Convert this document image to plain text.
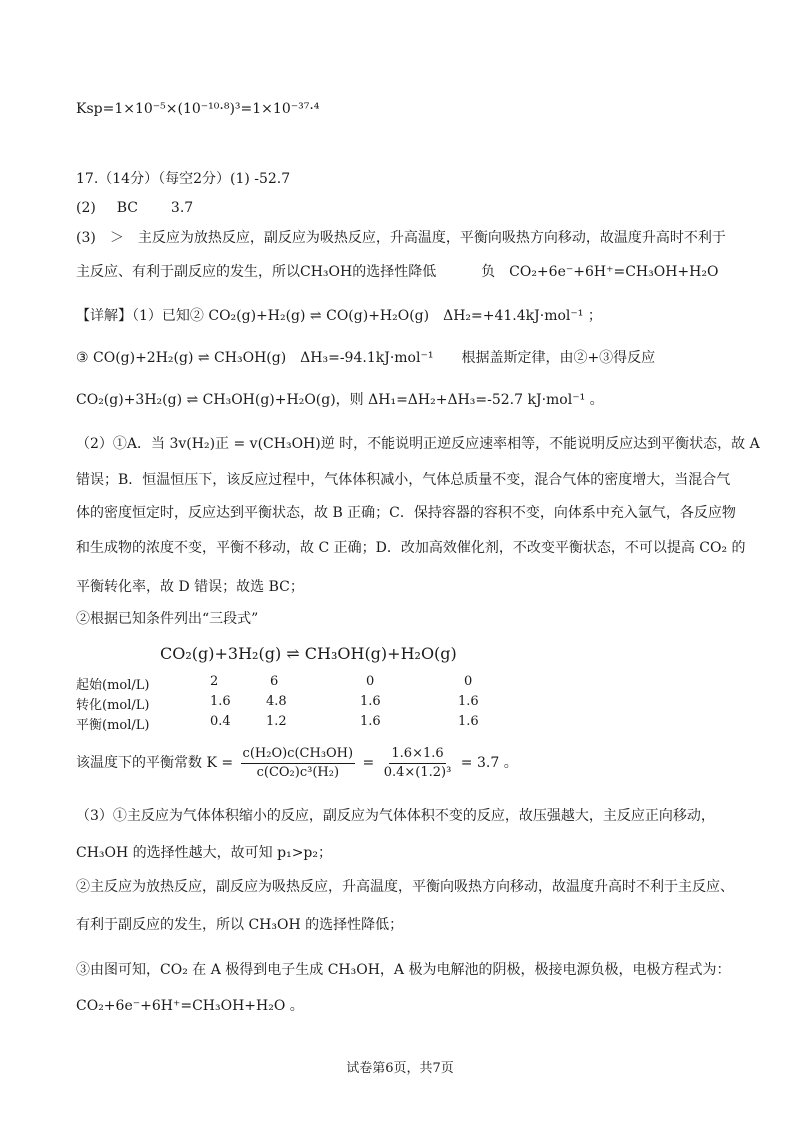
Ksp=1×10⁻⁵×(10⁻¹⁰·⁸)³=1×10⁻³⁷·⁴
17.（14分）（每空2分）(1) -52.7
(2) BC 3.7
(3)　＞　主反应为放热反应，副反应为吸热反应，升高温度，平衡向吸热方向移动，故温度升高时不利于
主反应、有利于副反应的发生，所以CH₃OH的选择性降低	负　CO₂+6e⁻+6H⁺=CH₃OH+H₂O
【详解】（1）已知② CO₂(g)+H₂(g) ⇌ CO(g)+H₂O(g)　ΔH₂=+41.4kJ·mol⁻¹ ；
③ CO(g)+2H₂(g) ⇌ CH₃OH(g)　ΔH₃=-94.1kJ·mol⁻¹　　根据盖斯定律，由②+③得反应
CO₂(g)+3H₂(g) ⇌ CH₃OH(g)+H₂O(g)，则 ΔH₁=ΔH₂+ΔH₃=-52.7 kJ·mol⁻¹ 。
（2）①A．当 3v(H₂)正 = v(CH₃OH)逆 时，不能说明正逆反应速率相等，不能说明反应达到平衡状态，故 A
错误；B．恒温恒压下，该反应过程中，气体体积减小，气体总质量不变，混合气体的密度增大，当混合气
体的密度恒定时，反应达到平衡状态，故 B 正确；C．保持容器的容积不变，向体系中充入氩气，各反应物
和生成物的浓度不变，平衡不移动，故 C 正确；D．改加高效催化剂，不改变平衡状态，不可以提高 CO₂ 的
平衡转化率，故 D 错误；故选 BC；
②根据已知条件列出“三段式”
CO₂(g)+3H₂(g) ⇌ CH₃OH(g)+H₂O(g)
起始(mol/L)	2	6	0	0
转化(mol/L)	1.6	4.8	1.6	1.6
平衡(mol/L)	0.4	1.2	1.6	1.6
该温度下的平衡常数 $K = \frac{\text{c(H₂O)c(CH₃OH)}}{\text{c(CO₂)c³(H₂)}} = \frac{1.6\times 1.6}{\text{0.4×(1.2)³}} = 3.7$ 。
（3）①主反应为气体体积缩小的反应，副反应为气体体积不变的反应，故压强越大，主反应正向移动，
CH₃OH 的选择性越大，故可知 p₁>p₂；
②主反应为放热反应，副反应为吸热反应，升高温度，平衡向吸热方向移动，故温度升高时不利于主反应、
有利于副反应的发生，所以 CH₃OH 的选择性降低；
③由图可知，CO₂ 在 A 极得到电子生成 CH₃OH，A 极为电解池的阴极，极接电源负极，电极方程式为：
CO₂+6e⁻+6H⁺=CH₃OH+H₂O 。
试卷第6页，共7页
